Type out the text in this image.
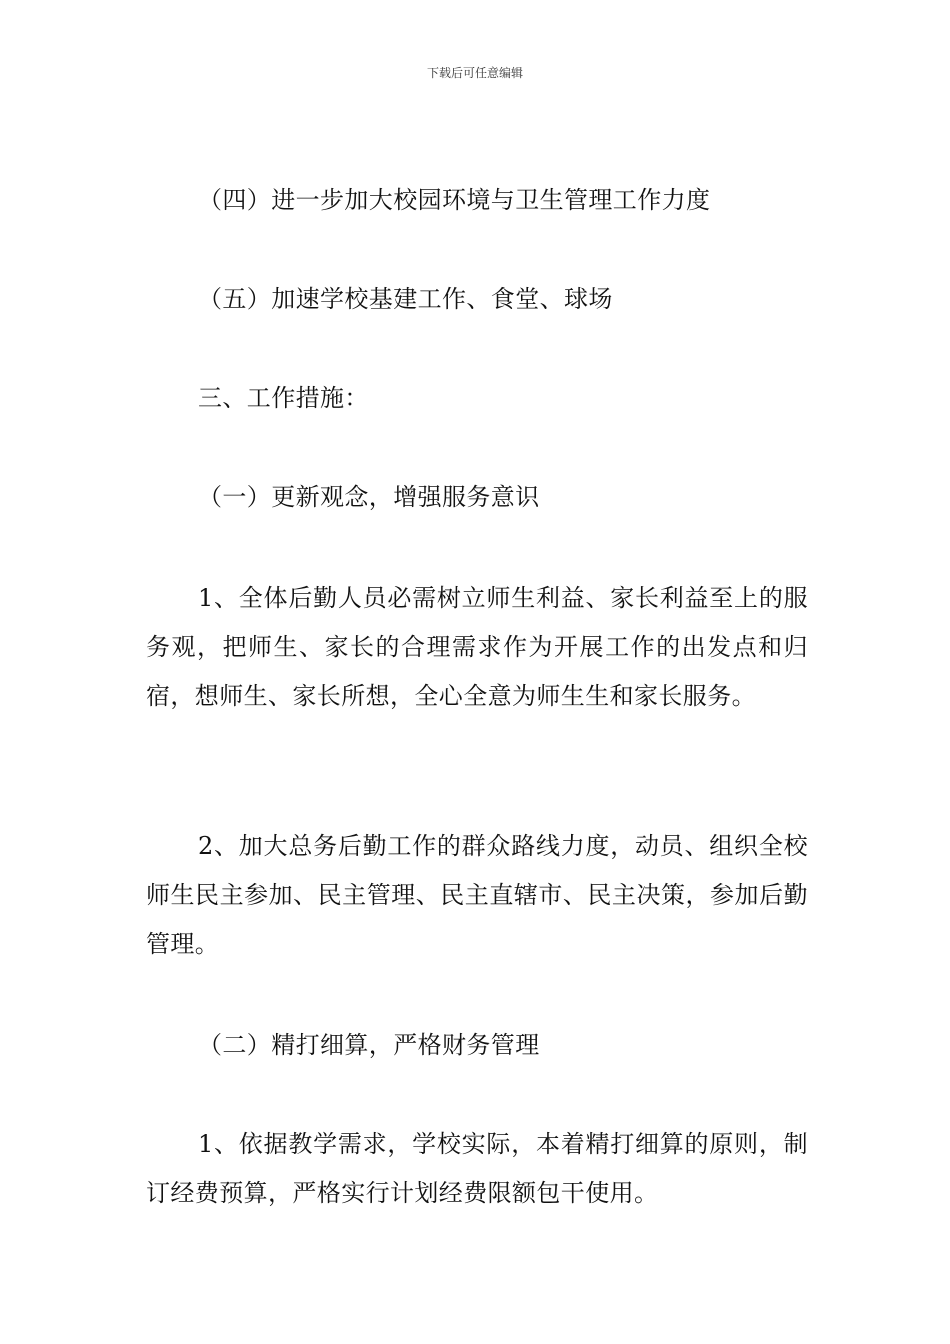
下载后可任意编辑
（四）进一步加大校园环境与卫生管理工作力度
（五）加速学校基建工作、食堂、球场
三、工作措施：
（一）更新观念，增强服务意识
1、全体后勤人员必需树立师生利益、家长利益至上的服务观，把师生、家长的合理需求作为开展工作的出发点和归宿，想师生、家长所想，全心全意为师生生和家长服务。
2、加大总务后勤工作的群众路线力度，动员、组织全校师生民主参加、民主管理、民主直辖市、民主决策，参加后勤管理。
（二）精打细算，严格财务管理
1、依据教学需求，学校实际，本着精打细算的原则，制订经费预算，严格实行计划经费限额包干使用。
